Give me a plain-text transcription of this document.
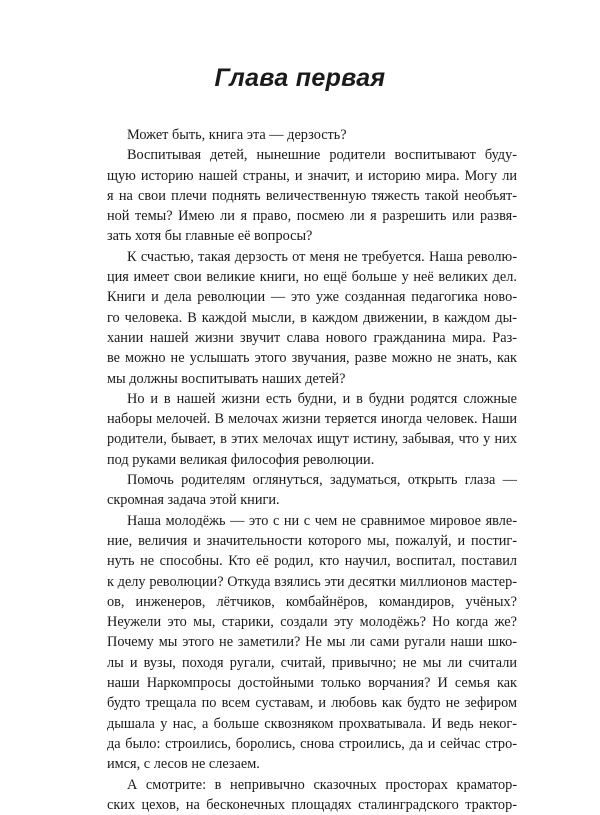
Глава первая
Может быть, книга эта — дерзость?
Воспитывая детей, нынешние родители воспитывают буду-
щую историю нашей страны, и значит, и историю мира. Могу ли
я на свои плечи поднять величественную тяжесть такой необъят-
ной темы? Имею ли я право, посмею ли я разрешить или развя-
зать хотя бы главные её вопросы?
К счастью, такая дерзость от меня не требуется. Наша револю-
ция имеет свои великие книги, но ещё больше у неё великих дел.
Книги и дела революции — это уже созданная педагогика ново-
го человека. В каждой мысли, в каждом движении, в каждом ды-
хании нашей жизни звучит слава нового гражданина мира. Раз-
ве можно не услышать этого звучания, разве можно не знать, как
мы должны воспитывать наших детей?
Но и в нашей жизни есть будни, и в будни родятся сложные
наборы мелочей. В мелочах жизни теряется иногда человек. Наши
родители, бывает, в этих мелочах ищут истину, забывая, что у них
под руками великая философия революции.
Помочь родителям оглянуться, задуматься, открыть глаза —
скромная задача этой книги.
Наша молодёжь — это с ни с чем не сравнимое мировое явле-
ние, величия и значительности которого мы, пожалуй, и постиг-
нуть не способны. Кто её родил, кто научил, воспитал, поставил
к делу революции? Откуда взялись эти десятки миллионов мастер-
ов, инженеров, лётчиков, комбайнёров, командиров, учёных?
Неужели это мы, старики, создали эту молодёжь? Но когда же?
Почему мы этого не заметили? Не мы ли сами ругали наши шко-
лы и вузы, походя ругали, считай, привычно; не мы ли считали
наши Наркомпросы достойными только ворчания? И семья как
будто трещала по всем суставам, и любовь как будто не зефиром
дышала у нас, а больше сквозняком прохватывала. И ведь неког-
да было: строились, боролись, снова строились, да и сейчас стро-
имся, с лесов не слезаем.
А смотрите: в непривычно сказочных просторах краматор-
ских цехов, на бесконечных площадях сталинградского трактор-
